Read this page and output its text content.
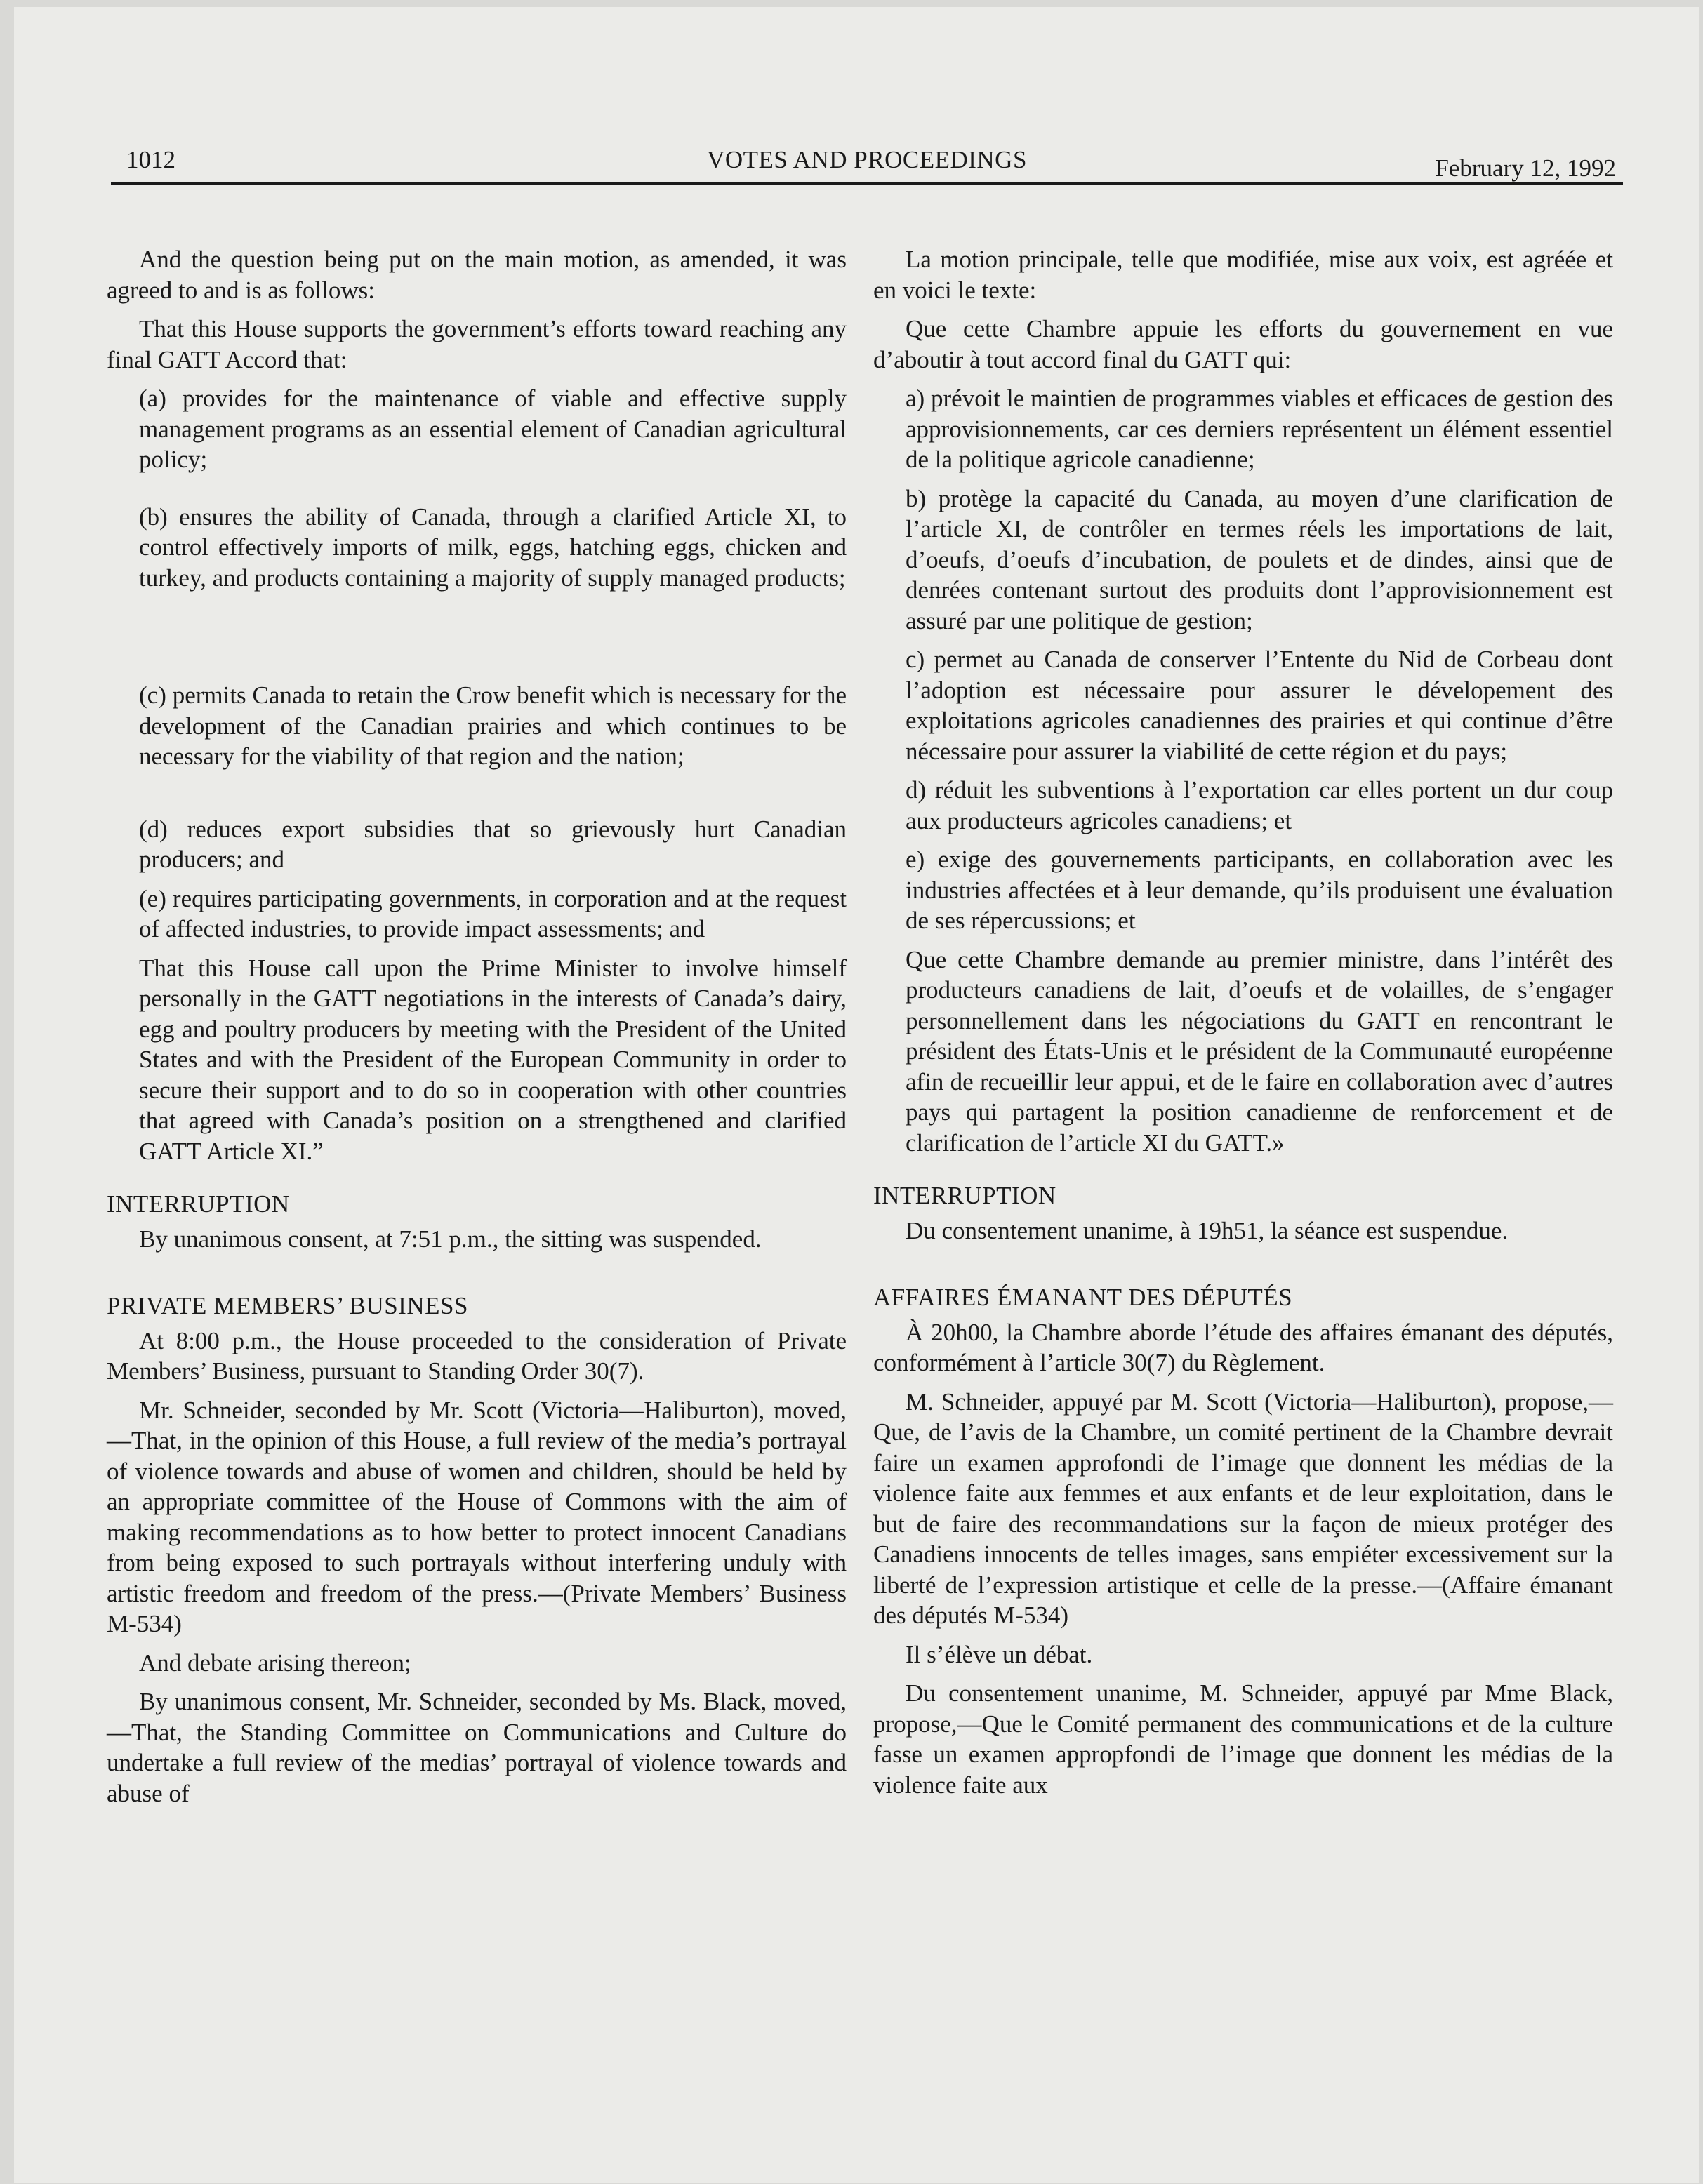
1012	VOTES AND PROCEEDINGS	February 12, 1992

And the question being put on the main motion, as amended, it was agreed to and is as follows:

That this House supports the government’s efforts toward reaching any final GATT Accord that:

(a) provides for the maintenance of viable and effective supply management programs as an essential element of Canadian agricultural policy;

(b) ensures the ability of Canada, through a clarified Article XI, to control effectively imports of milk, eggs, hatching eggs, chicken and turkey, and products containing a majority of supply managed products;

(c) permits Canada to retain the Crow benefit which is necessary for the development of the Canadian prairies and which continues to be necessary for the viability of that region and the nation;

(d) reduces export subsidies that so grievously hurt Canadian producers; and

(e) requires participating governments, in corporation and at the request of affected industries, to provide impact assessments; and

That this House call upon the Prime Minister to involve himself personally in the GATT negotiations in the interests of Canada’s dairy, egg and poultry producers by meeting with the President of the United States and with the President of the European Community in order to secure their support and to do so in cooperation with other countries that agreed with Canada’s position on a strengthened and clarified GATT Article XI.”

INTERRUPTION

By unanimous consent, at 7:51 p.m., the sitting was suspended.

PRIVATE MEMBERS’ BUSINESS

At 8:00 p.m., the House proceeded to the consideration of Private Members’ Business, pursuant to Standing Order 30(7).

Mr. Schneider, seconded by Mr. Scott (Victoria—Haliburton), moved,—That, in the opinion of this House, a full review of the media’s portrayal of violence towards and abuse of women and children, should be held by an appropriate committee of the House of Commons with the aim of making recommendations as to how better to protect innocent Canadians from being exposed to such portrayals without interfering unduly with artistic freedom and freedom of the press.—(Private Members’ Business M-534)

And debate arising thereon;

By unanimous consent, Mr. Schneider, seconded by Ms. Black, moved,—That, the Standing Committee on Communications and Culture do undertake a full review of the medias’ portrayal of violence towards and abuse of

La motion principale, telle que modifiée, mise aux voix, est agréée et en voici le texte:

Que cette Chambre appuie les efforts du gouvernement en vue d’aboutir à tout accord final du GATT qui:

a) prévoit le maintien de programmes viables et efficaces de gestion des approvisionnements, car ces derniers représentent un élément essentiel de la politique agricole canadienne;

b) protège la capacité du Canada, au moyen d’une clarification de l’article XI, de contrôler en termes réels les importations de lait, d’oeufs, d’oeufs d’incubation, de poulets et de dindes, ainsi que de denrées contenant surtout des produits dont l’approvisionnement est assuré par une politique de gestion;

c) permet au Canada de conserver l’Entente du Nid de Corbeau dont l’adoption est nécessaire pour assurer le dévelopement des exploitations agricoles canadiennes des prairies et qui continue d’être nécessaire pour assurer la viabilité de cette région et du pays;

d) réduit les subventions à l’exportation car elles portent un dur coup aux producteurs agricoles canadiens; et

e) exige des gouvernements participants, en collaboration avec les industries affectées et à leur demande, qu’ils produisent une évaluation de ses répercussions; et

Que cette Chambre demande au premier ministre, dans l’intérêt des producteurs canadiens de lait, d’oeufs et de volailles, de s’engager personnellement dans les négociations du GATT en rencontrant le président des États-Unis et le président de la Communauté européenne afin de recueillir leur appui, et de le faire en collaboration avec d’autres pays qui partagent la position canadienne de renforcement et de clarification de l’article XI du GATT.»

INTERRUPTION

Du consentement unanime, à 19h51, la séance est suspendue.

AFFAIRES ÉMANANT DES DÉPUTÉS

À 20h00, la Chambre aborde l’étude des affaires émanant des députés, conformément à l’article 30(7) du Règlement.

M. Schneider, appuyé par M. Scott (Victoria—Haliburton), propose,—Que, de l’avis de la Chambre, un comité pertinent de la Chambre devrait faire un examen approfondi de l’image que donnent les médias de la violence faite aux femmes et aux enfants et de leur exploitation, dans le but de faire des recommandations sur la façon de mieux protéger des Canadiens innocents de telles images, sans empiéter excessivement sur la liberté de l’expression artistique et celle de la presse.—(Affaire émanant des députés M-534)

Il s’élève un débat.

Du consentement unanime, M. Schneider, appuyé par Mme Black, propose,—Que le Comité permanent des communications et de la culture fasse un examen appropfondi de l’image que donnent les médias de la violence faite aux
